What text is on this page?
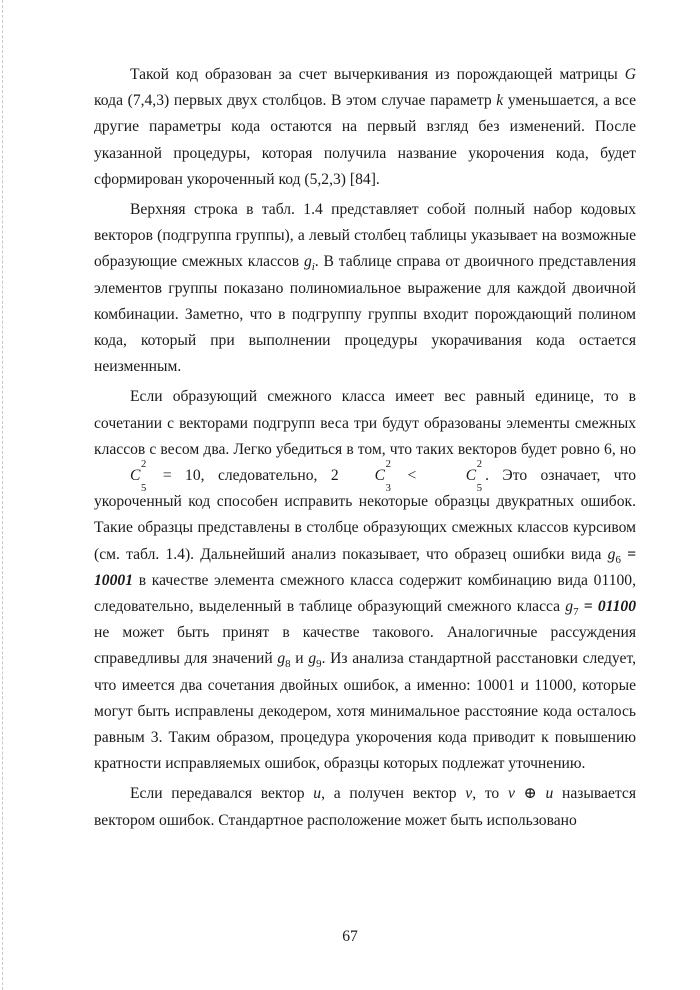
Такой код образован за счет вычеркивания из порождающей матрицы G кода (7,4,3) первых двух столбцов. В этом случае параметр k уменьшается, а все другие параметры кода остаются на первый взгляд без изменений. После указанной процедуры, которая получила название укорочения кода, будет сформирован укороченный код (5,2,3) [84].

Верхняя строка в табл. 1.4 представляет собой полный набор кодовых векторов (подгруппа группы), а левый столбец таблицы указывает на возможные образующие смежных классов $g_i$. В таблице справа от двоичного представления элементов группы показано полиномиальное выражение для каждой двоичной комбинации. Заметно, что в подгруппу группы входит порождающий полином кода, который при выполнении процедуры укорачивания кода остается неизменным.

Если образующий смежного класса имеет вес равный единице, то в сочетании с векторами подгрупп веса три будут образованы элементы смежных классов с весом два. Легко убедиться в том, что таких векторов будет ровно 6, но C
2
5
= 10, следовательно, 2 C
2
3
<	C
2
5
. Это означает, что укороченный код способен исправить некоторые образцы двукратных ошибок. Такие образцы представлены в столбце образующих смежных классов курсивом (см. табл. 1.4). Дальнейший анализ показывает, что образец ошибки вида $g_6 = 10001$ в качестве элемента смежного класса содержит комбинацию вида 01100, следовательно, выделенный в таблице образующий смежного класса $g_7 = 01100$ не может быть принят в качестве такового. Аналогичные рассуждения справедливы для значений $g_8$ и $g_9$. Из анализа стандартной расстановки следует, что имеется два сочетания двойных ошибок, а именно: 10001 и 11000, которые могут быть исправлены декодером, хотя минимальное расстояние кода осталось равным 3. Таким образом, процедура укорочения кода приводит к повышению кратности исправляемых ошибок, образцы которых подлежат уточнению.

Если передавался вектор u, а получен вектор v, то v ⊕ u называется вектором ошибок. Стандартное расположение может быть использовано

67
